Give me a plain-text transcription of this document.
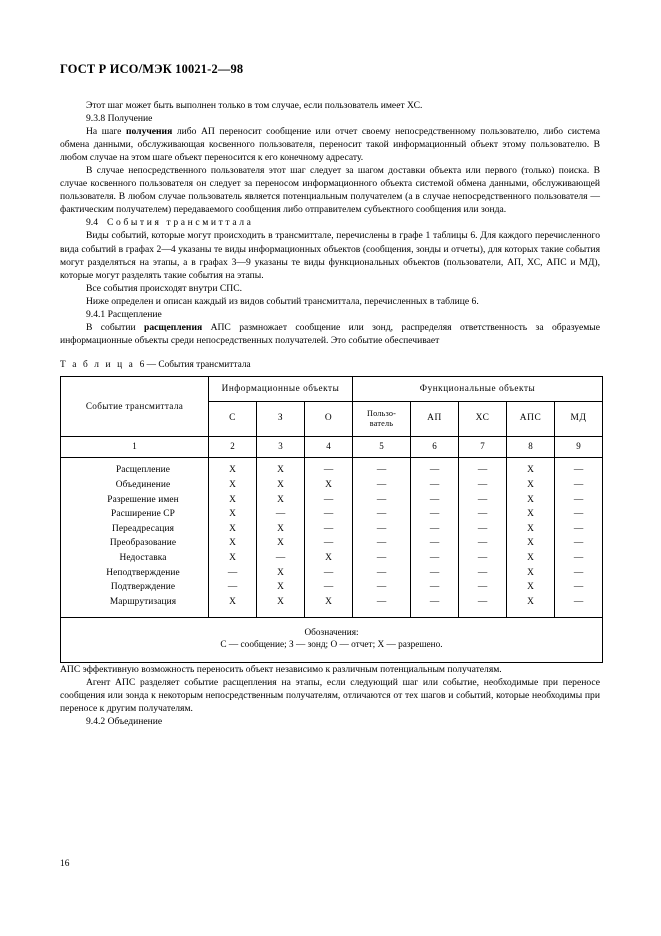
ГОСТ Р ИСО/МЭК 10021-2—98

Этот шаг может быть выполнен только в том случае, если пользователь имеет ХС.

9.3.8 Получение

На шаге получения либо АП переносит сообщение или отчет своему непосредственному пользователю, либо система обмена данными, обслуживающая косвенного пользователя, переносит такой информационный объект этому пользователю. В любом случае на этом шаге объект переносится к его конечному адресату.

В случае непосредственного пользователя этот шаг следует за шагом доставки объекта или первого (только) поиска. В случае косвенного пользователя он следует за переносом информационного объекта системой обмена данными, обслуживающей пользователя. В любом случае пользователь является потенциальным получателем (а в случае непосредственного пользователя — фактическим получателем) передаваемого сообщения либо отправителем субъектного сообщения или зонда.

9.4 События трансмиттала

Виды событий, которые могут происходить в трансмиттале, перечислены в графе 1 таблицы 6. Для каждого перечисленного вида событий в графах 2—4 указаны те виды информационных объектов (сообщения, зонды и отчеты), для которых такие события могут разделяться на этапы, а в графах 3—9 указаны те виды функциональных объектов (пользователи, АП, ХС, АПС и МД), которые могут разделять такие события на этапы.

Все события происходят внутри СПС.

Ниже определен и описан каждый из видов событий трансмиттала, перечисленных в таблице 6.

9.4.1 Расщепление

В событии расщепления АПС размножает сообщение или зонд, распределяя ответственность за образуемые информационные объекты среди непосредственных получателей. Это событие обеспечивает

Т а б л и ц а 6 — События трансмиттала
Событие трансмиттала	Информационные объекты			Функциональные объекты				
	С	З	О	Пользо-
ватель	АП	ХС	АПС	МД
1	2	3	4	5	6	7	8	9
Расщепление	X	X	—	—	—	—	X	—
Объединение	X	X	X	—	—	—	X	—
Разрешение имен	X	X	—	—	—	—	X	—
Расширение СР	X	—	—	—	—	—	X	—
Переадресация	X	X	—	—	—	—	X	—
Преобразование	X	X	—	—	—	—	X	—
Недоставка	X	—	X	—	—	—	X	—
Неподтверждение	—	X	—	—	—	—	X	—
Подтверждение	—	X	—	—	—	—	X	—
Маршрутизация	X	X	X	—	—	—	X	—
Обозначения:
С — сообщение; З — зонд; О — отчет; X — разрешено.								

АПС эффективную возможность переносить объект независимо к различным потенциальным получателям.

Агент АПС разделяет событие расщепления на этапы, если следующий шаг или событие, необходимые при переносе сообщения или зонда к некоторым непосредственным получателям, отличаются от тех шагов и событий, которые необходимы при переносе к другим получателям.

9.4.2 Объединение

16
